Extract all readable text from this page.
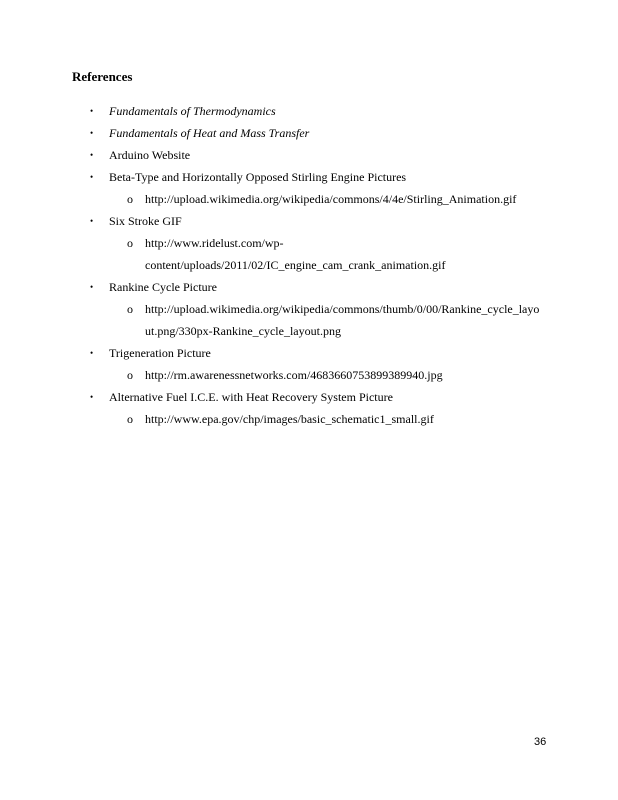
References
• Fundamentals of Thermodynamics
• Fundamentals of Heat and Mass Transfer
• Arduino Website
• Beta-Type and Horizontally Opposed Stirling Engine Pictures
o http://upload.wikimedia.org/wikipedia/commons/4/4e/Stirling_Animation.gif
• Six Stroke GIF
o http://www.ridelust.com/wp-
content/uploads/2011/02/IC_engine_cam_crank_animation.gif
• Rankine Cycle Picture
o http://upload.wikimedia.org/wikipedia/commons/thumb/0/00/Rankine_cycle_layo
ut.png/330px-Rankine_cycle_layout.png
• Trigeneration Picture
o http://rm.awarenessnetworks.com/4683660753899389940.jpg
• Alternative Fuel I.C.E. with Heat Recovery System Picture
o http://www.epa.gov/chp/images/basic_schematic1_small.gif

36
